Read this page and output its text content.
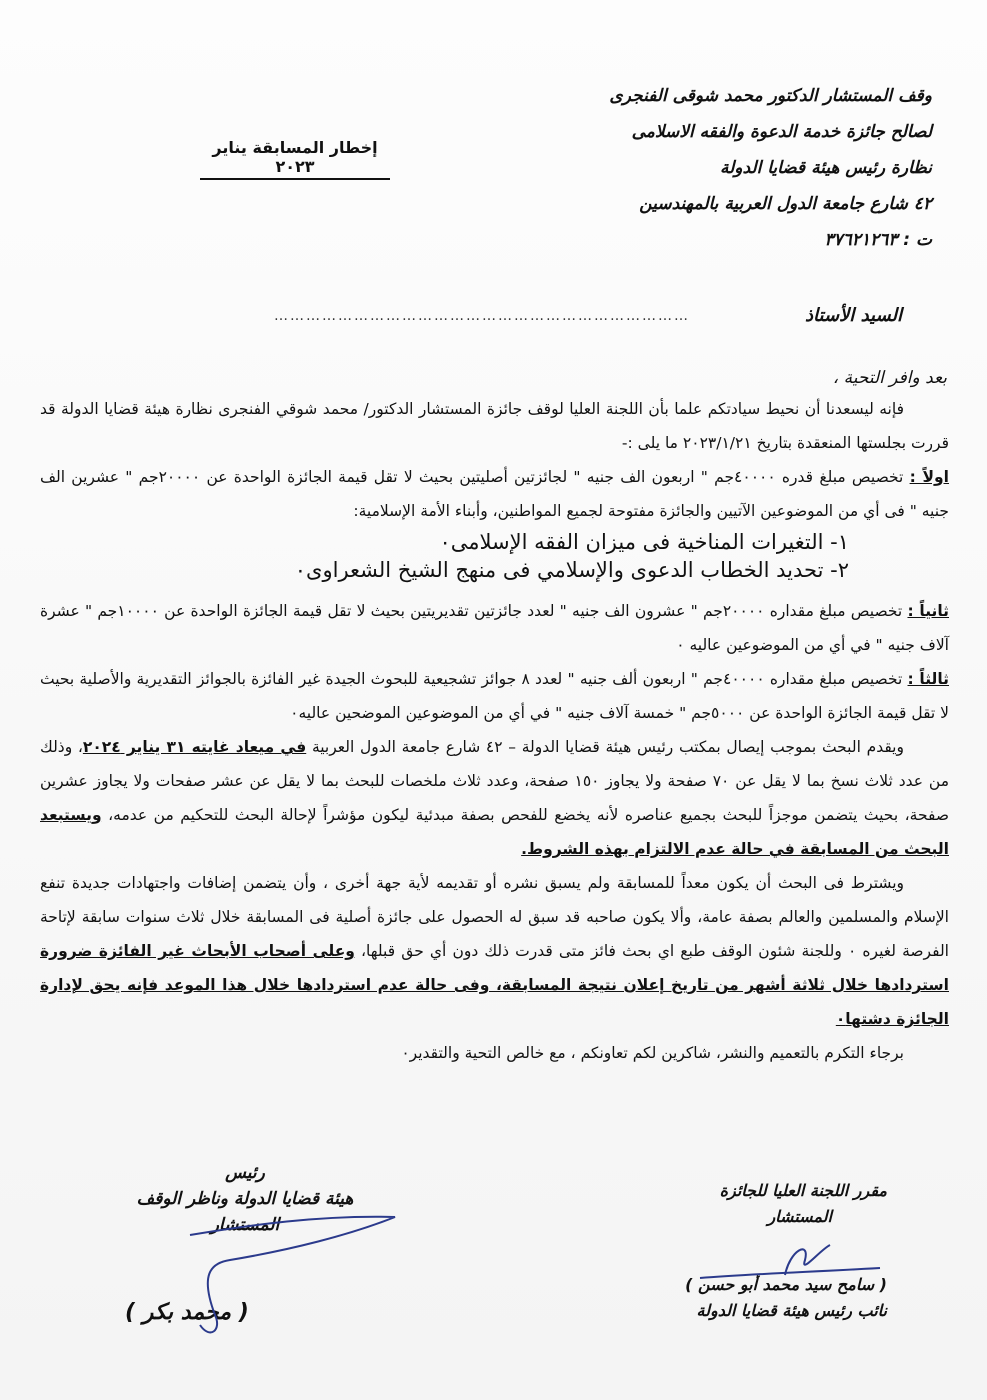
وقف المستشار الدكتور محمد شوقى الفنجرى
لصالح جائزة خدمة الدعوة والفقه الاسلامى
نظارة رئيس هيئة قضايا الدولة
٤٢ شارع جامعة الدول العربية بالمهندسين
ت : ٣٧٦٢١٢٦٣
إخطار المسابقة يناير ٢٠٢٣
السيد الأستاذ
……………………………………………………………………
بعد وافر التحية ،

فإنه ليسعدنا أن نحيط سيادتكم علما بأن اللجنة العليا لوقف جائزة المستشار الدكتور/ محمد شوقي الفنجرى نظارة هيئة قضايا الدولة قد قررت بجلستها المنعقدة بتاريخ ٢٠٢٣/١/٢١ ما يلى :-

اولاً : تخصيص مبلغ قدره ٤٠٠٠٠جم " اربعون الف جنيه " لجائزتين أصليتين بحيث لا تقل قيمة الجائزة الواحدة عن ٢٠٠٠٠جم " عشرين الف جنيه " فى أي من الموضوعين الآتيين والجائزة مفتوحة لجميع المواطنين، وأبناء الأمة الإسلامية:

١- التغيرات المناخية فى ميزان الفقه الإسلامى٠

٢- تحديد الخطاب الدعوى والإسلامي فى منهج الشيخ الشعراوى٠

ثانياً : تخصيص مبلغ مقداره ٢٠٠٠٠جم " عشرون الف جنيه " لعدد جائزتين تقديريتين بحيث لا تقل قيمة الجائزة الواحدة عن ١٠٠٠٠جم " عشرة آلاف جنيه " في أي من الموضوعين عاليه ٠

ثالثاً : تخصيص مبلغ مقداره ٤٠٠٠٠جم " اربعون ألف جنيه " لعدد ٨ جوائز تشجيعية للبحوث الجيدة غير الفائزة بالجوائز التقديرية والأصلية بحيث لا تقل قيمة الجائزة الواحدة عن ٥٠٠٠جم " خمسة آلاف جنيه " في أي من الموضوعين الموضحين عاليه٠

ويقدم البحث بموجب إيصال بمكتب رئيس هيئة قضايا الدولة – ٤٢ شارع جامعة الدول العربية في ميعاد غايته ٣١ يناير ٢٠٢٤، وذلك من عدد ثلاث نسخ بما لا يقل عن ٧٠ صفحة ولا يجاوز ١٥٠ صفحة، وعدد ثلاث ملخصات للبحث بما لا يقل عن عشر صفحات ولا يجاوز عشرين صفحة، بحيث يتضمن موجزاً للبحث بجميع عناصره لأنه يخضع للفحص بصفة مبدئية ليكون مؤشراً لإحالة البحث للتحكيم من عدمه، ويستبعد البحث من المسابقة في حالة عدم الالتزام بهذه الشروط.

ويشترط فى البحث أن يكون معداً للمسابقة ولم يسبق نشره أو تقديمه لأية جهة أخرى ، وأن يتضمن إضافات واجتهادات جديدة تنفع الإسلام والمسلمين والعالم بصفة عامة، وألا يكون صاحبه قد سبق له الحصول على جائزة أصلية فى المسابقة خلال ثلاث سنوات سابقة لإتاحة الفرصة لغيره ٠ وللجنة شئون الوقف طبع اي بحث فائز متى قدرت ذلك دون أي حق قبلها، وعلى أصحاب الأبحاث غير الفائزة ضرورة استردادها خلال ثلاثة أشهر من تاريخ إعلان نتيجة المسابقة، وفى حالة عدم استردادها خلال هذا الموعد فإنه يحق لإدارة الجائزة دشتها٠

برجاء التكرم بالتعميم والنشر، شاكرين لكم تعاونكم ، مع خالص التحية والتقدير٠

مقرر اللجنة العليا للجائزة
المستشار
( سامح سيد محمد أبو حسن )
نائب رئيس هيئة قضايا الدولة
رئيس
هيئة قضايا الدولة وناظر الوقف
المستشار
( محمد بكر )
